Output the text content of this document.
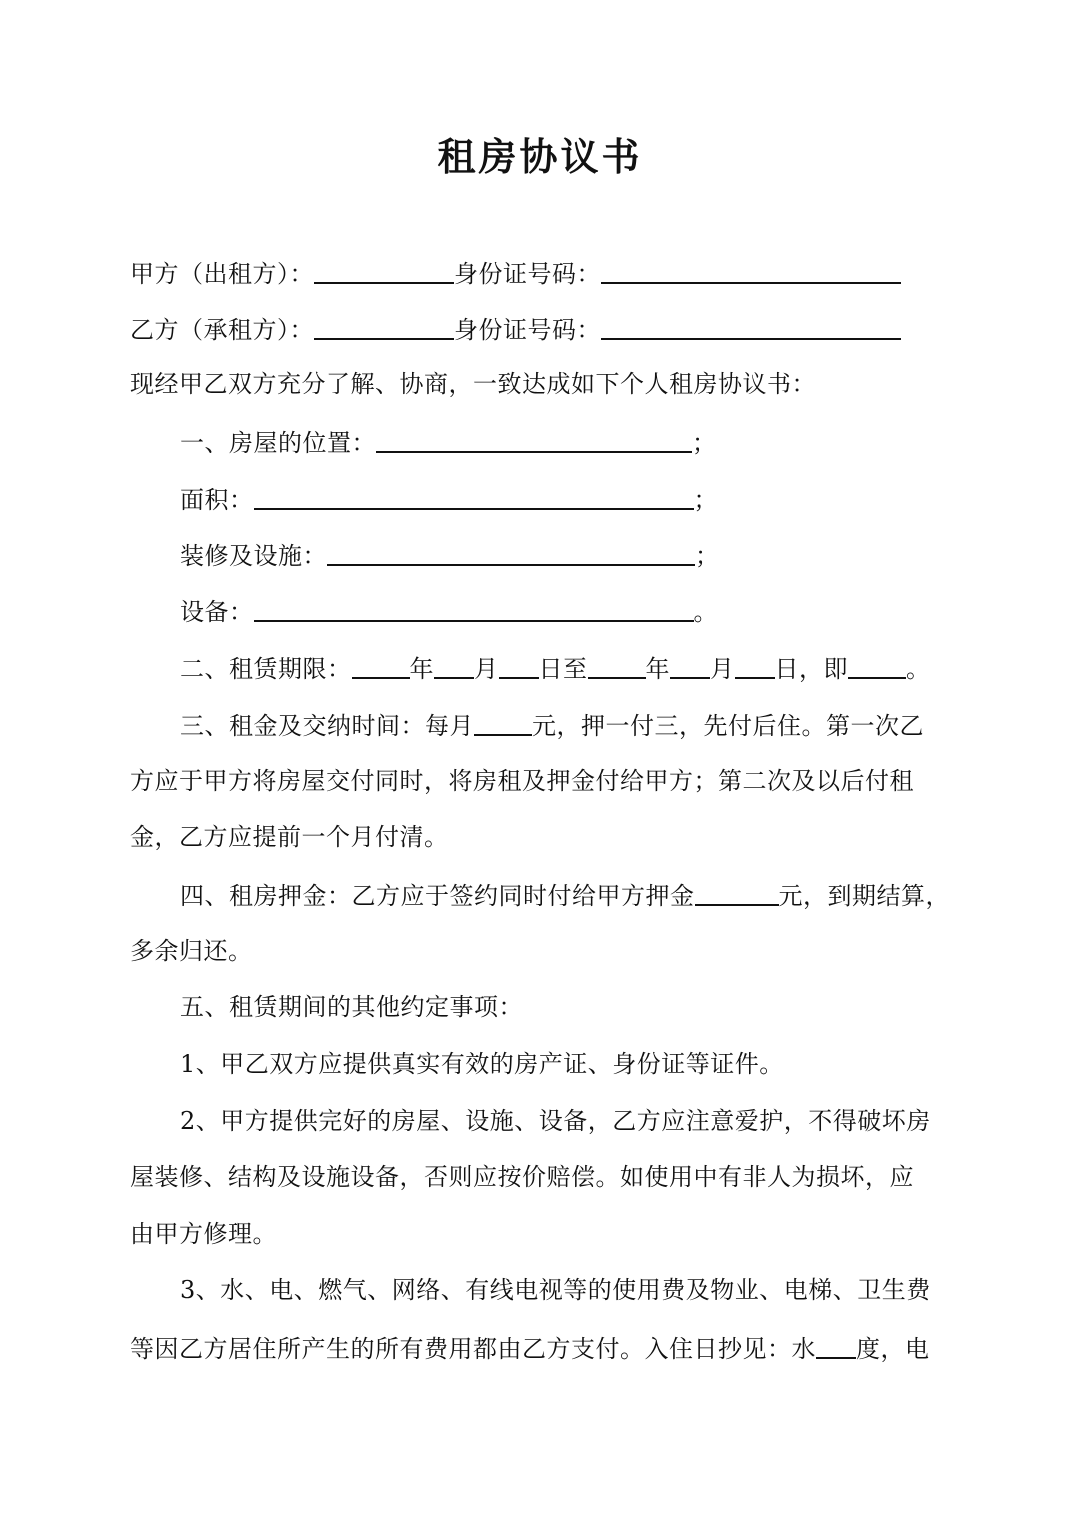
租房协议书
甲方（出租方）：	身份证号码：
乙方（承租方）：	身份证号码：
现经甲乙双方充分了解、协商，一致达成如下个人租房协议书：
一、房屋的位置：	；
面积：	；
装修及设施：	；
设备：	。
二、租赁期限： 年 月 日至 年 月 日，即 。
三、租金及交纳时间：每月 元，押一付三，先付后住。第一次乙
方应于甲方将房屋交付同时，将房租及押金付给甲方；第二次及以后付租
金，乙方应提前一个月付清。
四、租房押金：乙方应于签约同时付给甲方押金	元，到期结算，
多余归还。
五、租赁期间的其他约定事项：
1、甲乙双方应提供真实有效的房产证、身份证等证件。
2、甲方提供完好的房屋、设施、设备，乙方应注意爱护，不得破坏房
屋装修、结构及设施设备，否则应按价赔偿。如使用中有非人为损坏，应
由甲方修理。
3、水、电、燃气、网络、有线电视等的使用费及物业、电梯、卫生费
等因乙方居住所产生的所有费用都由乙方支付。入住日抄见：水 度，电
